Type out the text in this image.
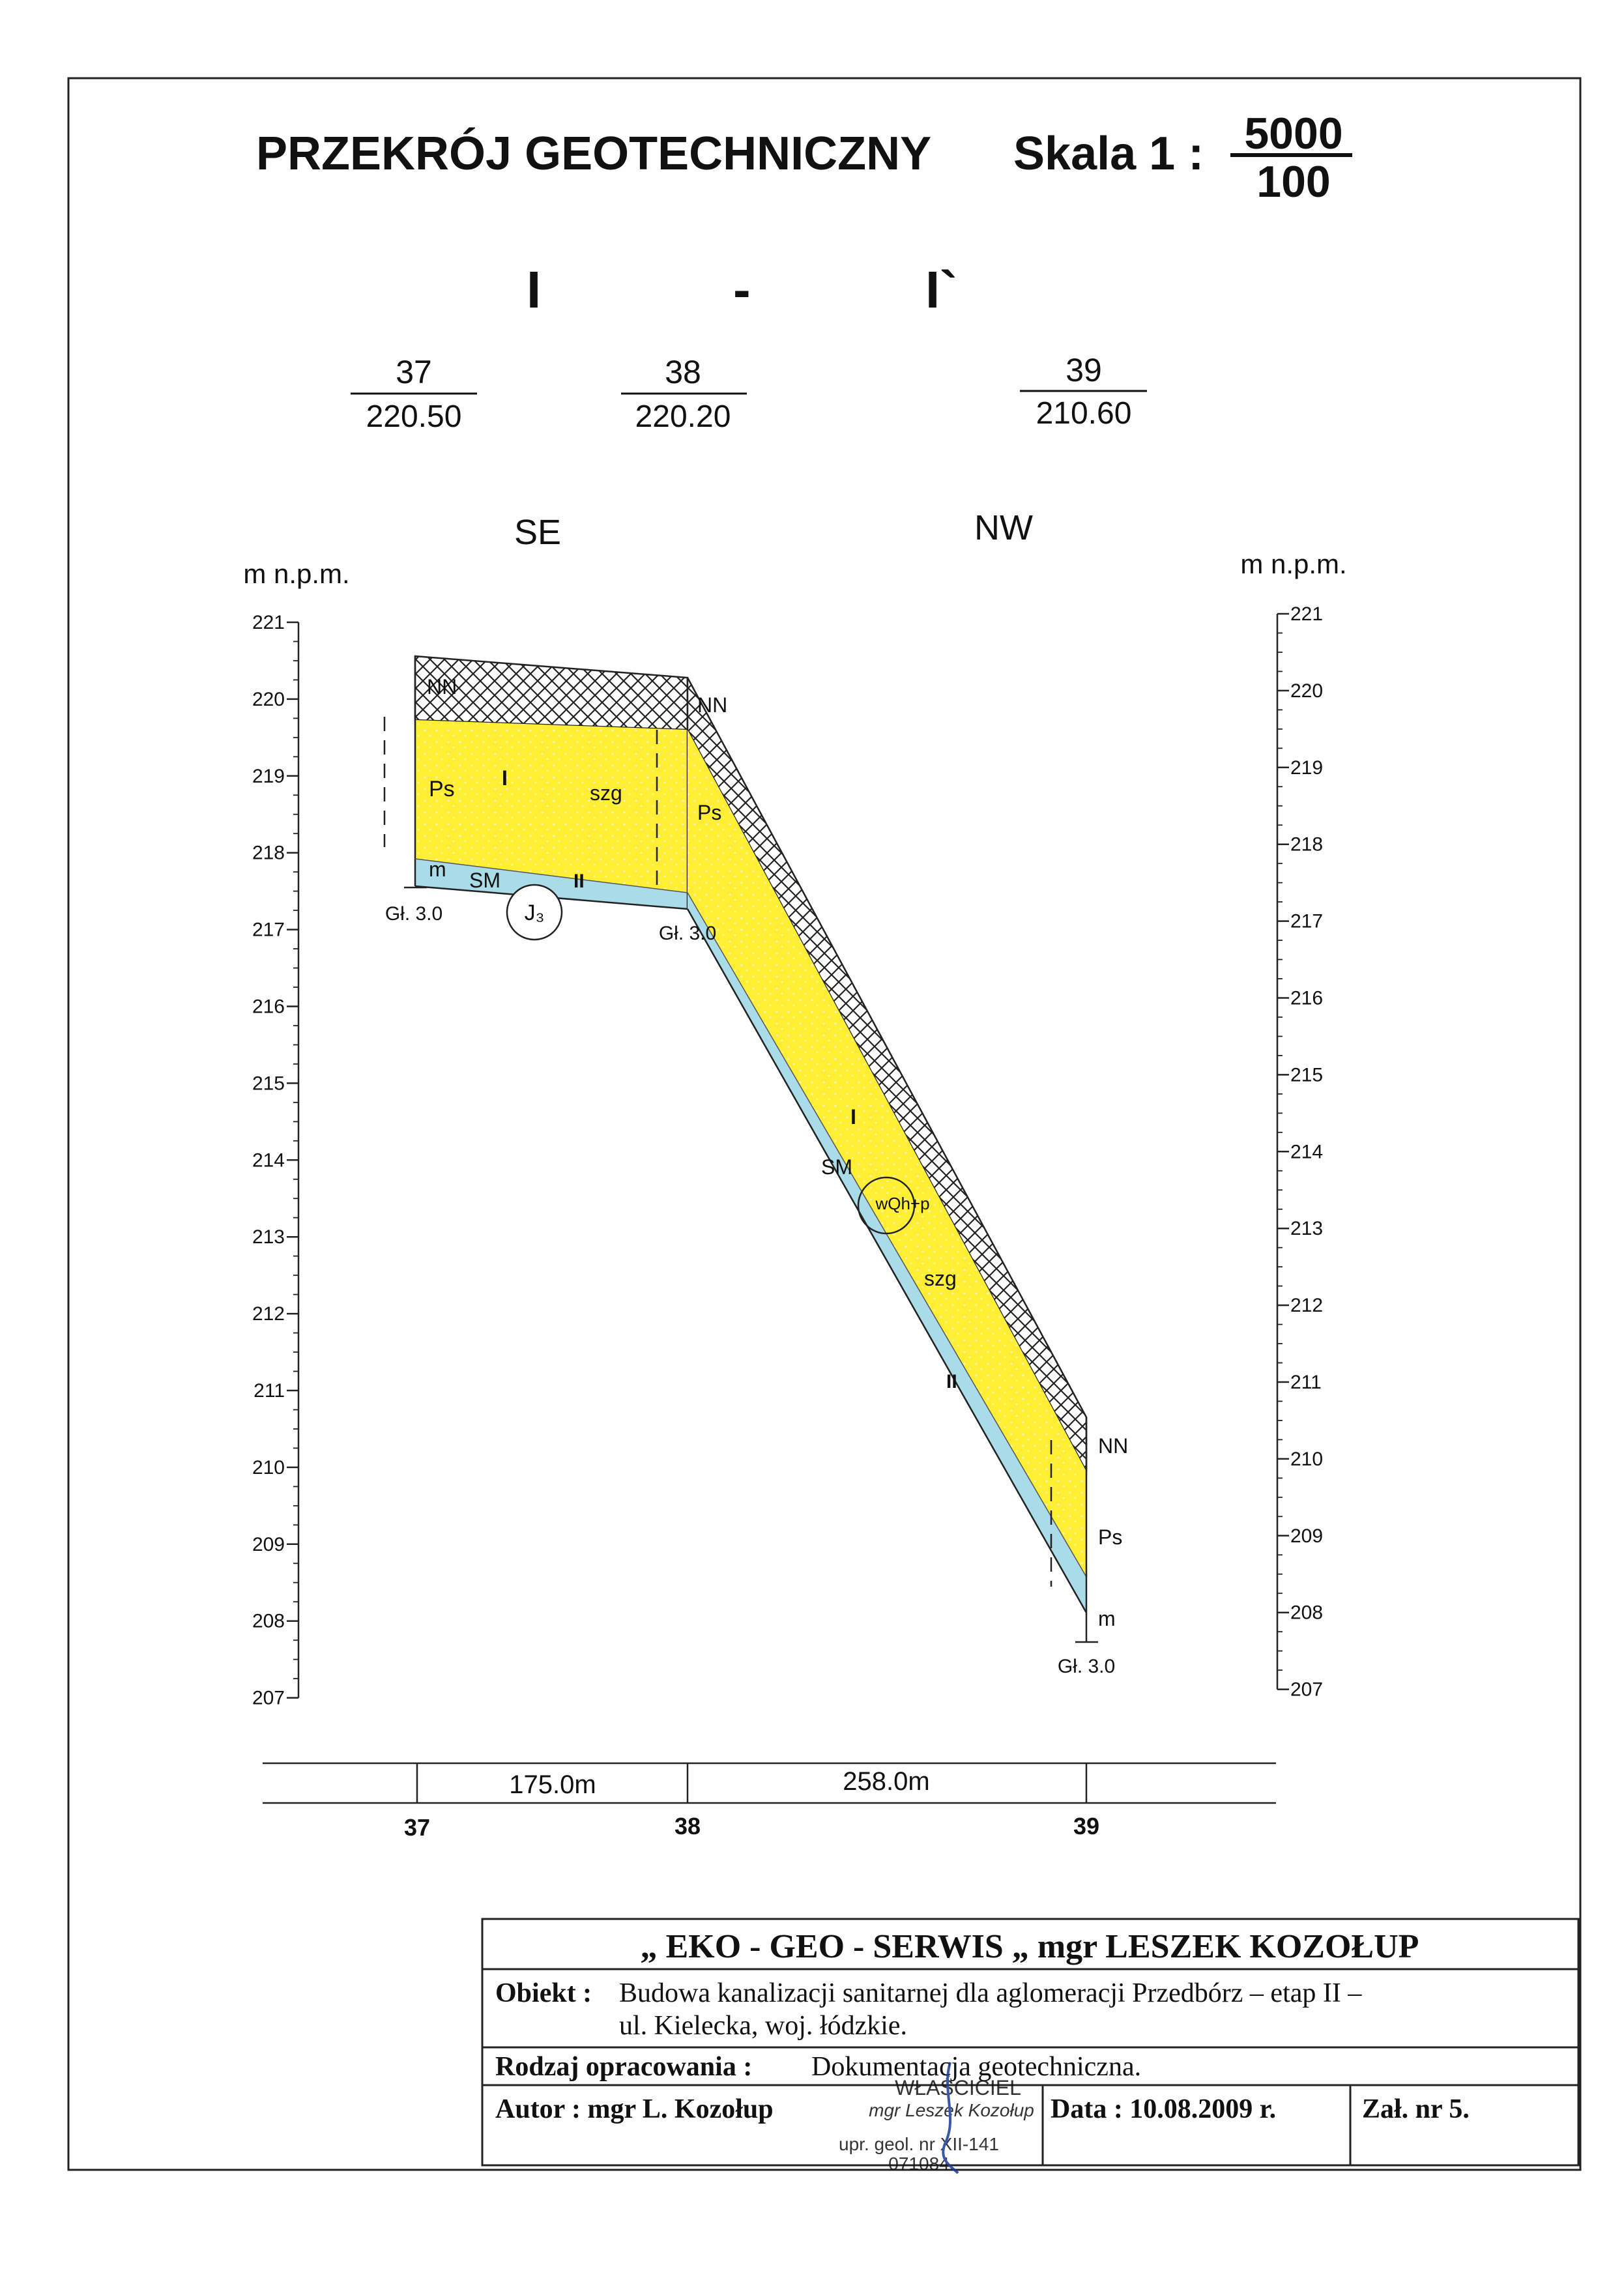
PRZEKRÓJ GEOTECHNICZNY Skala 1 : 5000
100
I	-	I`
37
220.50
38
220.20
39
210.60
SE	NW
m n.p.m.	m n.p.m.
221
220
219
218
217
216
215
214
213
212
211
210
209
208
207
221
220
219
218
217
216
215
214
213
212
211
210
209
208
207
NN
NN
NN
Ps
Ps
Ps
I
I
szg
szg
m
m
SM
SM
II
II
Gł. 3.0
Gł. 3.0
Gł. 3.0
J₃
wQh+p
175.0m	258.0m
37	38	39
„ EKO - GEO - SERWIS „ mgr LESZEK KOZOŁUP
Obiekt : Budowa kanalizacji sanitarnej dla aglomeracji Przedbórz – etap II –
ul. Kielecka, woj. łódzkie.
Rodzaj opracowania : Dokumentacja geotechniczna.
Autor : mgr L. Kozołup	Data : 10.08.2009 r.	Zał. nr 5.
WŁAŚCICIEL
mgr Leszek Kozołup
upr. geol. nr XII-141
071084
